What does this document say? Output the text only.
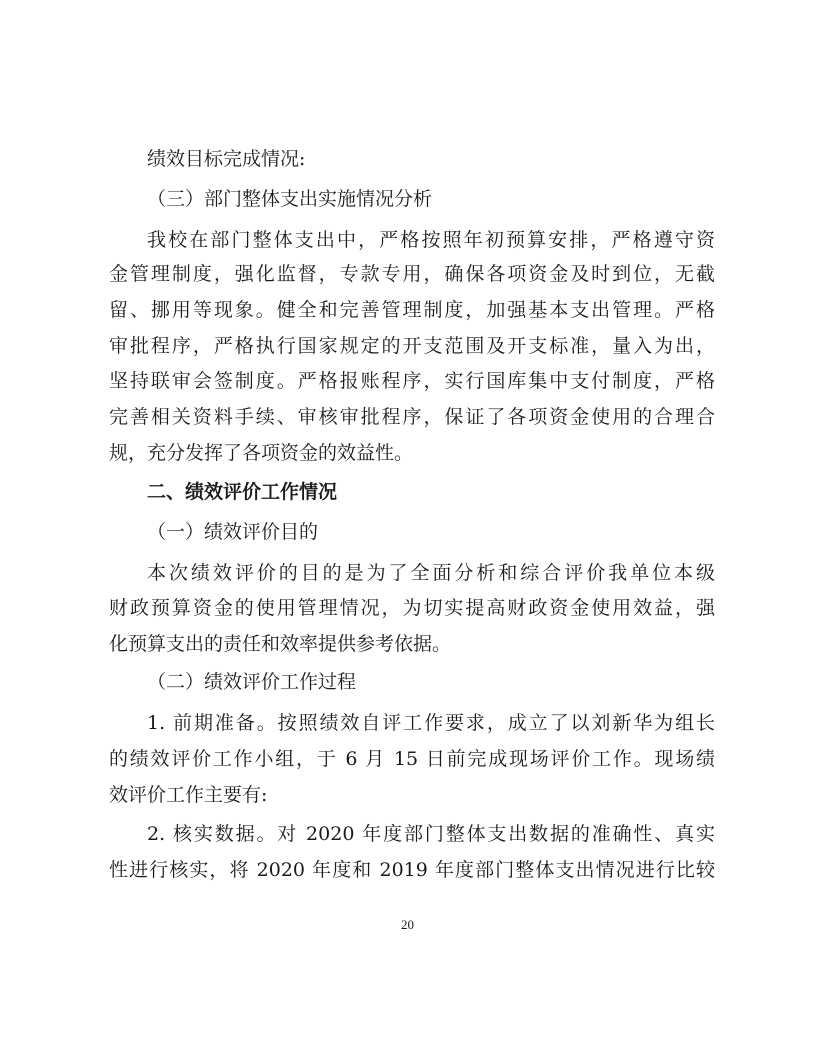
绩效目标完成情况:
（三）部门整体支出实施情况分析
我校在部门整体支出中，严格按照年初预算安排，严格遵守资
金管理制度，强化监督，专款专用，确保各项资金及时到位，无截
留、挪用等现象。健全和完善管理制度，加强基本支出管理。严格
审批程序，严格执行国家规定的开支范围及开支标准，量入为出，
坚持联审会签制度。严格报账程序，实行国库集中支付制度，严格
完善相关资料手续、审核审批程序，保证了各项资金使用的合理合
规，充分发挥了各项资金的效益性。
二、绩效评价工作情况
（一）绩效评价目的
本次绩效评价的目的是为了全面分析和综合评价我单位本级
财政预算资金的使用管理情况，为切实提高财政资金使用效益，强
化预算支出的责任和效率提供参考依据。
（二）绩效评价工作过程
1. 前期准备。按照绩效自评工作要求，成立了以刘新华为组长
的绩效评价工作小组，于 6 月 15 日前完成现场评价工作。现场绩
效评价工作主要有:
2. 核实数据。对 2020 年度部门整体支出数据的准确性、真实
性进行核实，将 2020 年度和 2019 年度部门整体支出情况进行比较
20
